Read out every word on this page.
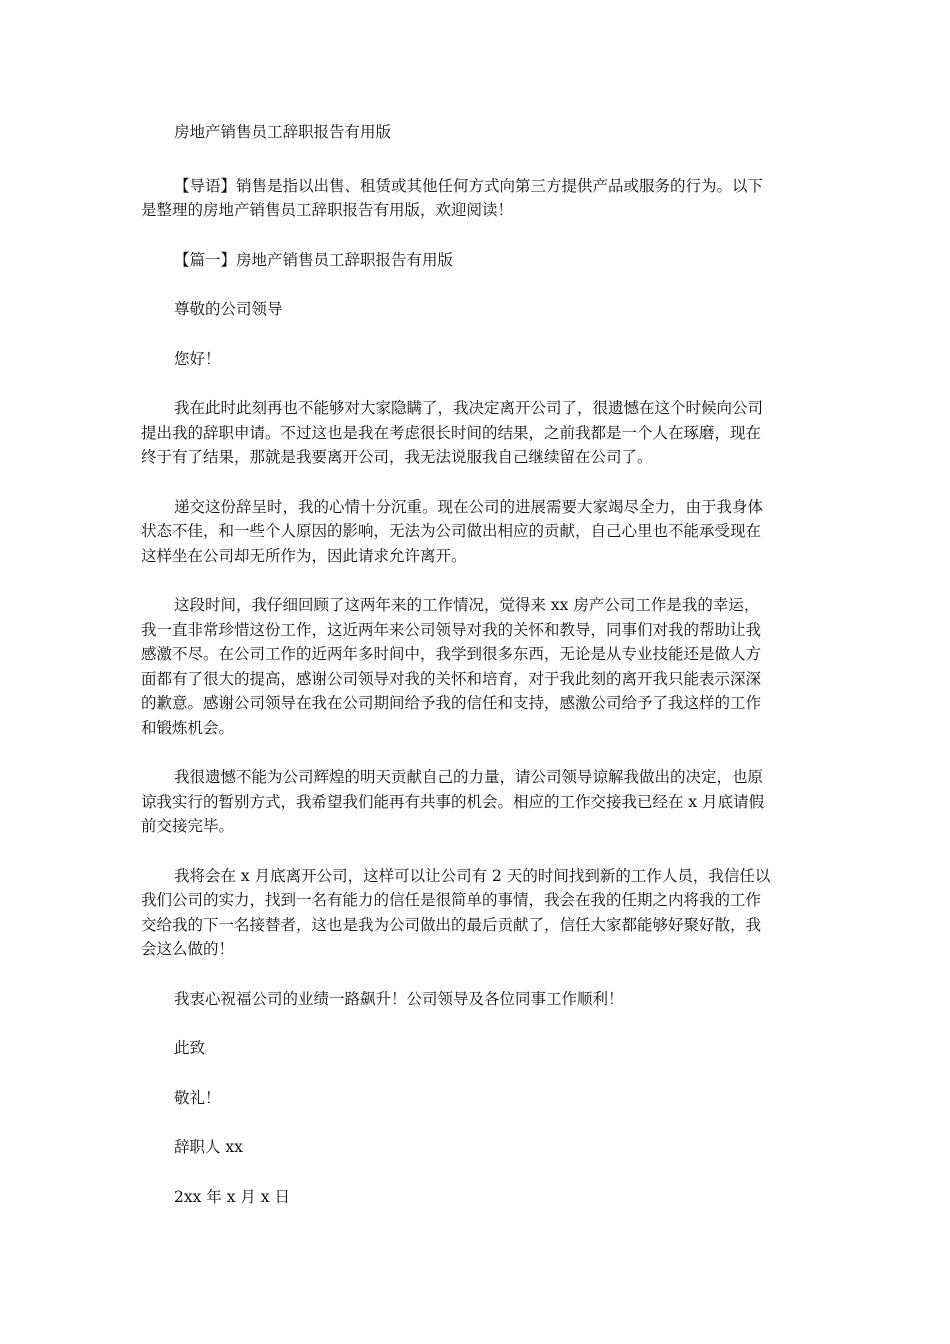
房地产销售员工辞职报告有用版
【导语】销售是指以出售、租赁或其他任何方式向第三方提供产品或服务的行为。以下
是整理的房地产销售员工辞职报告有用版，欢迎阅读！
【篇一】房地产销售员工辞职报告有用版
尊敬的公司领导
您好！
我在此时此刻再也不能够对大家隐瞒了，我决定离开公司了，很遗憾在这个时候向公司
提出我的辞职申请。不过这也是我在考虑很长时间的结果，之前我都是一个人在琢磨，现在
终于有了结果，那就是我要离开公司，我无法说服我自己继续留在公司了。
递交这份辞呈时，我的心情十分沉重。现在公司的进展需要大家竭尽全力，由于我身体
状态不佳，和一些个人原因的影响，无法为公司做出相应的贡献，自己心里也不能承受现在
这样坐在公司却无所作为，因此请求允许离开。
这段时间，我仔细回顾了这两年来的工作情况，觉得来 xx 房产公司工作是我的幸运，
我一直非常珍惜这份工作，这近两年来公司领导对我的关怀和教导，同事们对我的帮助让我
感激不尽。在公司工作的近两年多时间中，我学到很多东西，无论是从专业技能还是做人方
面都有了很大的提高，感谢公司领导对我的关怀和培育，对于我此刻的离开我只能表示深深
的歉意。感谢公司领导在我在公司期间给予我的信任和支持，感激公司给予了我这样的工作
和锻炼机会。
我很遗憾不能为公司辉煌的明天贡献自己的力量，请公司领导谅解我做出的决定，也原
谅我实行的暂别方式，我希望我们能再有共事的机会。相应的工作交接我已经在 x 月底请假
前交接完毕。
我将会在 x 月底离开公司，这样可以让公司有 2 天的时间找到新的工作人员，我信任以
我们公司的实力，找到一名有能力的信任是很简单的事情，我会在我的任期之内将我的工作
交给我的下一名接替者，这也是我为公司做出的最后贡献了，信任大家都能够好聚好散，我
会这么做的！
我衷心祝福公司的业绩一路飙升！公司领导及各位同事工作顺利！
此致
敬礼！
辞职人 xx
2xx 年 x 月 x 日
